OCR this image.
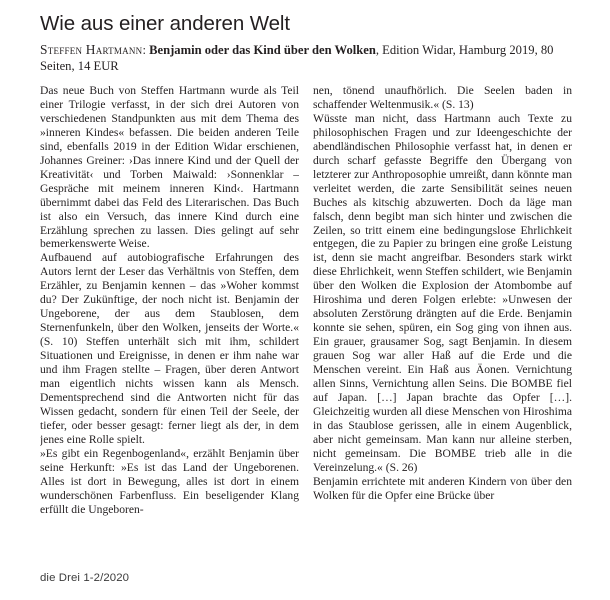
Wie aus einer anderen Welt

Steffen Hartmann: Benjamin oder das Kind über den Wolken, Edition Widar, Hamburg 2019, 80 Seiten, 14 EUR

Das neue Buch von Steffen Hartmann wurde als Teil einer Trilogie verfasst, in der sich drei Autoren von verschiedenen Standpunkten aus mit dem Thema des »inneren Kindes« befassen. Die beiden anderen Teile sind, ebenfalls 2019 in der Edition Widar erschienen, Johannes Greiner: ›Das innere Kind und der Quell der Kreativität‹ und Torben Maiwald: ›Sonnenklar – Gespräche mit meinem inneren Kind‹. Hartmann übernimmt dabei das Feld des Literarischen. Das Buch ist also ein Versuch, das innere Kind durch eine Erzählung sprechen zu lassen. Dies gelingt auf sehr bemerkenswerte Weise.

Aufbauend auf autobiografische Erfahrungen des Autors lernt der Leser das Verhältnis von Steffen, dem Erzähler, zu Benjamin kennen – das »Woher kommst du? Der Zukünftige, der noch nicht ist. Benjamin der Ungeborene, der aus dem Staublosen, dem Sternenfunkeln, über den Wolken, jenseits der Worte.« (S. 10) Steffen unterhält sich mit ihm, schildert Situationen und Ereignisse, in denen er ihm nahe war und ihm Fragen stellte – Fragen, über deren Antwort man eigentlich nichts wissen kann als Mensch. Dementsprechend sind die Antworten nicht für das Wissen gedacht, sondern für einen Teil der Seele, der tiefer, oder besser gesagt: ferner liegt als der, in dem jenes eine Rolle spielt.

»Es gibt ein Regenbogenland«, erzählt Benjamin über seine Herkunft: »Es ist das Land der Ungeborenen. Alles ist dort in Bewegung, alles ist dort in einem wunderschönen Farbenfluss. Ein beseligender Klang erfüllt die Ungeboren-

nen, tönend unaufhörlich. Die Seelen baden in schaffender Weltenmusik.« (S. 13)

Wüsste man nicht, dass Hartmann auch Texte zu philosophischen Fragen und zur Ideengeschichte der abendländischen Philosophie verfasst hat, in denen er durch scharf gefasste Begriffe den Übergang von letzterer zur Anthroposophie umreißt, dann könnte man verleitet werden, die zarte Sensibilität seines neuen Buches als kitschig abzuwerten. Doch da läge man falsch, denn begibt man sich hinter und zwischen die Zeilen, so tritt einem eine bedingungslose Ehrlichkeit entgegen, die zu Papier zu bringen eine große Leistung ist, denn sie macht angreifbar. Besonders stark wirkt diese Ehrlichkeit, wenn Steffen schildert, wie Benjamin über den Wolken die Explosion der Atombombe auf Hiroshima und deren Folgen erlebte: »Unwesen der absoluten Zerstörung drängten auf die Erde. Benjamin konnte sie sehen, spüren, ein Sog ging von ihnen aus. Ein grauer, grausamer Sog, sagt Benjamin. In diesem grauen Sog war aller Haß auf die Erde und die Menschen vereint. Ein Haß aus Äonen. Vernichtung allen Sinns, Vernichtung allen Seins. Die BOMBE fiel auf Japan. […] Japan brachte das Opfer […]. Gleichzeitig wurden all diese Menschen von Hiroshima in das Staublose gerissen, alle in einem Augenblick, aber nicht gemeinsam. Man kann nur alleine sterben, nicht gemeinsam. Die BOMBE trieb alle in die Vereinzelung.« (S. 26)

Benjamin errichtete mit anderen Kindern von über den Wolken für die Opfer eine Brücke über

die Drei 1-2/2020
